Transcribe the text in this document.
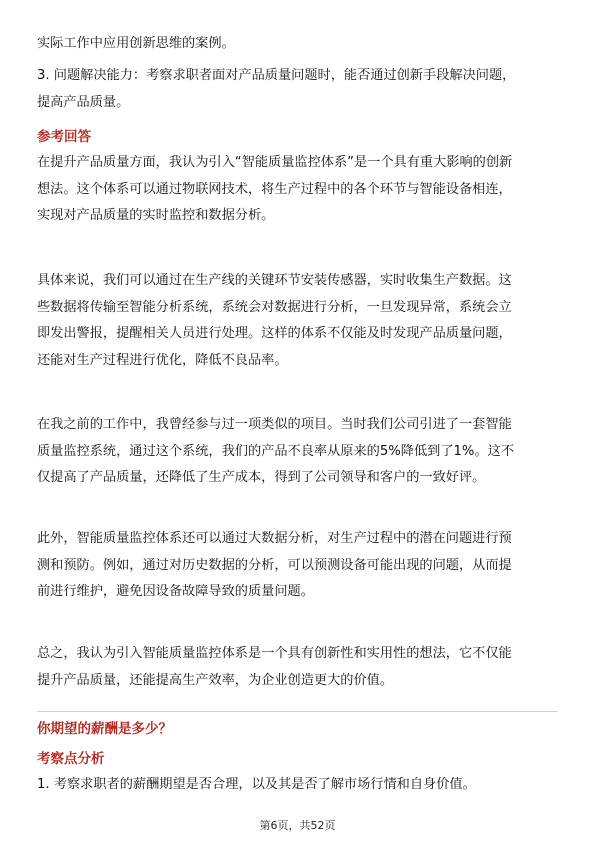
实际工作中应用创新思维的案例。
3. 问题解决能力：考察求职者面对产品质量问题时，能否通过创新手段解决问题，
提高产品质量。
参考回答
在提升产品质量方面，我认为引入“智能质量监控体系”是一个具有重大影响的创新
想法。这个体系可以通过物联网技术，将生产过程中的各个环节与智能设备相连，
实现对产品质量的实时监控和数据分析。
具体来说，我们可以通过在生产线的关键环节安装传感器，实时收集生产数据。这
些数据将传输至智能分析系统，系统会对数据进行分析，一旦发现异常，系统会立
即发出警报，提醒相关人员进行处理。这样的体系不仅能及时发现产品质量问题，
还能对生产过程进行优化，降低不良品率。
在我之前的工作中，我曾经参与过一项类似的项目。当时我们公司引进了一套智能
质量监控系统，通过这个系统，我们的产品不良率从原来的5%降低到了1%。这不
仅提高了产品质量，还降低了生产成本，得到了公司领导和客户的一致好评。
此外，智能质量监控体系还可以通过大数据分析，对生产过程中的潜在问题进行预
测和预防。例如，通过对历史数据的分析，可以预测设备可能出现的问题，从而提
前进行维护，避免因设备故障导致的质量问题。
总之，我认为引入智能质量监控体系是一个具有创新性和实用性的想法，它不仅能
提升产品质量，还能提高生产效率，为企业创造更大的价值。
你期望的薪酬是多少？
考察点分析
1. 考察求职者的薪酬期望是否合理，以及其是否了解市场行情和自身价值。
第6页，共52页
